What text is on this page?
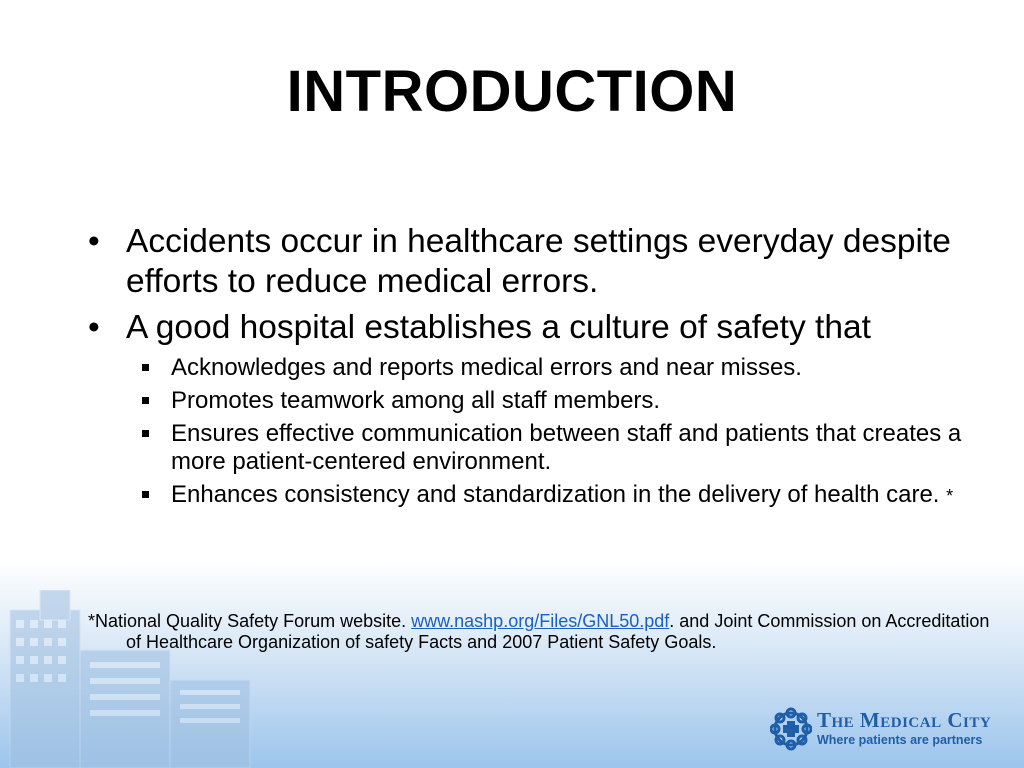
INTRODUCTION
• Accidents occur in healthcare settings everyday despite efforts to reduce medical errors.
• A good hospital establishes a culture of safety that
Acknowledges and reports medical errors and near misses.
Promotes teamwork among all staff members.
Ensures effective communication between staff and patients that creates a more patient-centered environment.
Enhances consistency and standardization in the delivery of health care. *
*National Quality Safety Forum website. www.nashp.org/Files/GNL50.pdf. and Joint Commission on Accreditation of Healthcare Organization of safety Facts and 2007 Patient Safety Goals.
The Medical City
Where patients are partners
